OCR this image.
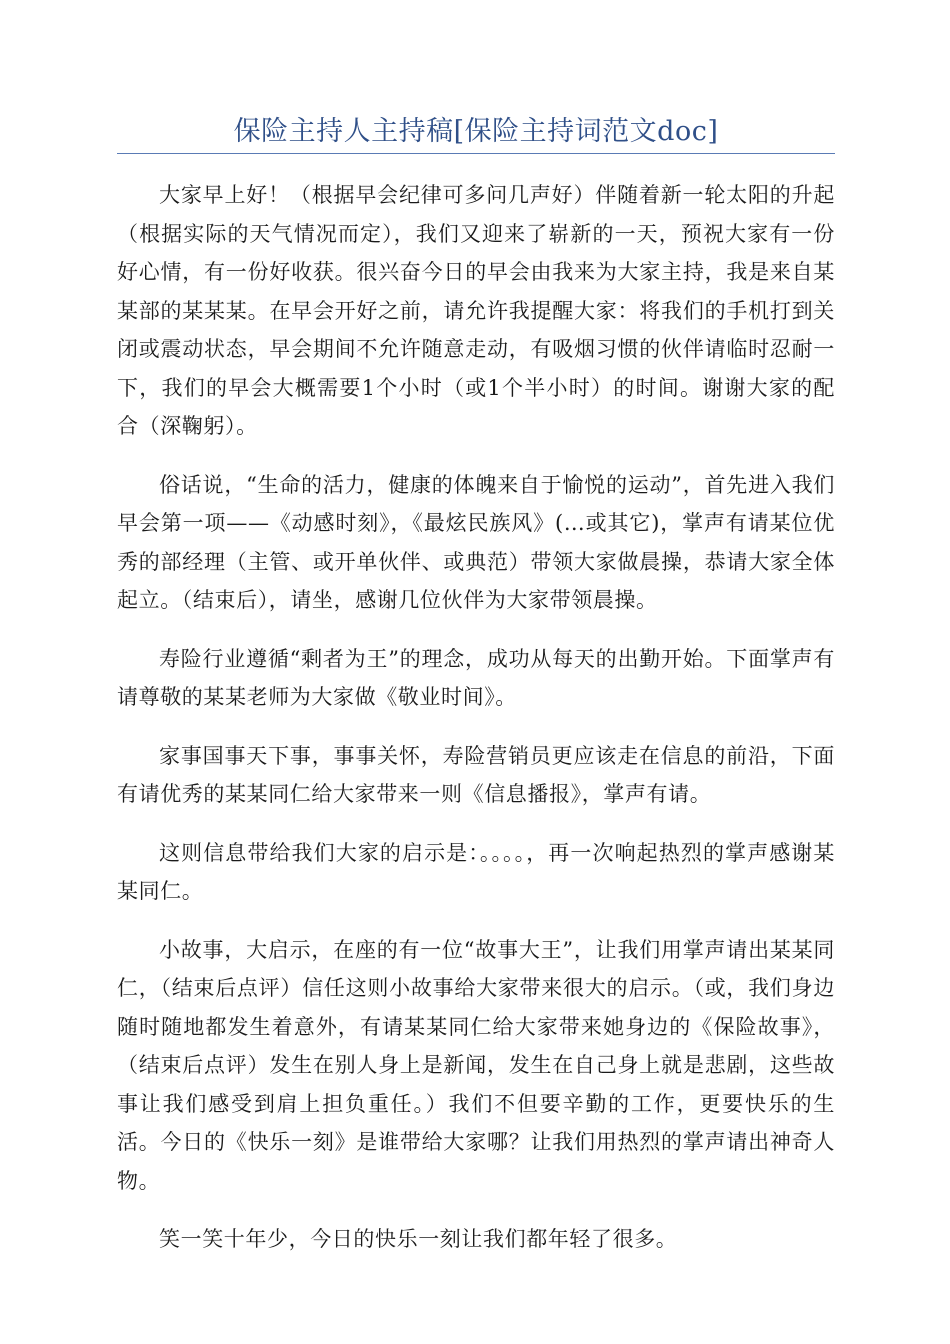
保险主持人主持稿[保险主持词范文doc]

大家早上好！（根据早会纪律可多问几声好）伴随着新一轮太阳的升起（根据实际的天气情况而定），我们又迎来了崭新的一天，预祝大家有一份好心情，有一份好收获。很兴奋今日的早会由我来为大家主持，我是来自某某部的某某某。在早会开好之前，请允许我提醒大家：将我们的手机打到关闭或震动状态，早会期间不允许随意走动，有吸烟习惯的伙伴请临时忍耐一下，我们的早会大概需要1个小时（或1个半小时）的时间。谢谢大家的配合（深鞠躬）。

俗话说，“生命的活力，健康的体魄来自于愉悦的运动”，首先进入我们早会第一项——《动感时刻》，《最炫民族风》(…或其它)，掌声有请某位优秀的部经理（主管、或开单伙伴、或典范）带领大家做晨操，恭请大家全体起立。（结束后），请坐，感谢几位伙伴为大家带领晨操。

寿险行业遵循“剩者为王”的理念，成功从每天的出勤开始。下面掌声有请尊敬的某某老师为大家做《敬业时间》。

家事国事天下事，事事关怀，寿险营销员更应该走在信息的前沿，下面有请优秀的某某同仁给大家带来一则《信息播报》，掌声有请。

这则信息带给我们大家的启示是：。。。。，再一次响起热烈的掌声感谢某某同仁。

小故事，大启示，在座的有一位“故事大王”，让我们用掌声请出某某同仁，（结束后点评）信任这则小故事给大家带来很大的启示。（或，我们身边随时随地都发生着意外，有请某某同仁给大家带来她身边的《保险故事》，（结束后点评）发生在别人身上是新闻，发生在自己身上就是悲剧，这些故事让我们感受到肩上担负重任。）我们不但要辛勤的工作，更要快乐的生活。今日的《快乐一刻》是谁带给大家哪？让我们用热烈的掌声请出神奇人物。

笑一笑十年少，今日的快乐一刻让我们都年轻了很多。
